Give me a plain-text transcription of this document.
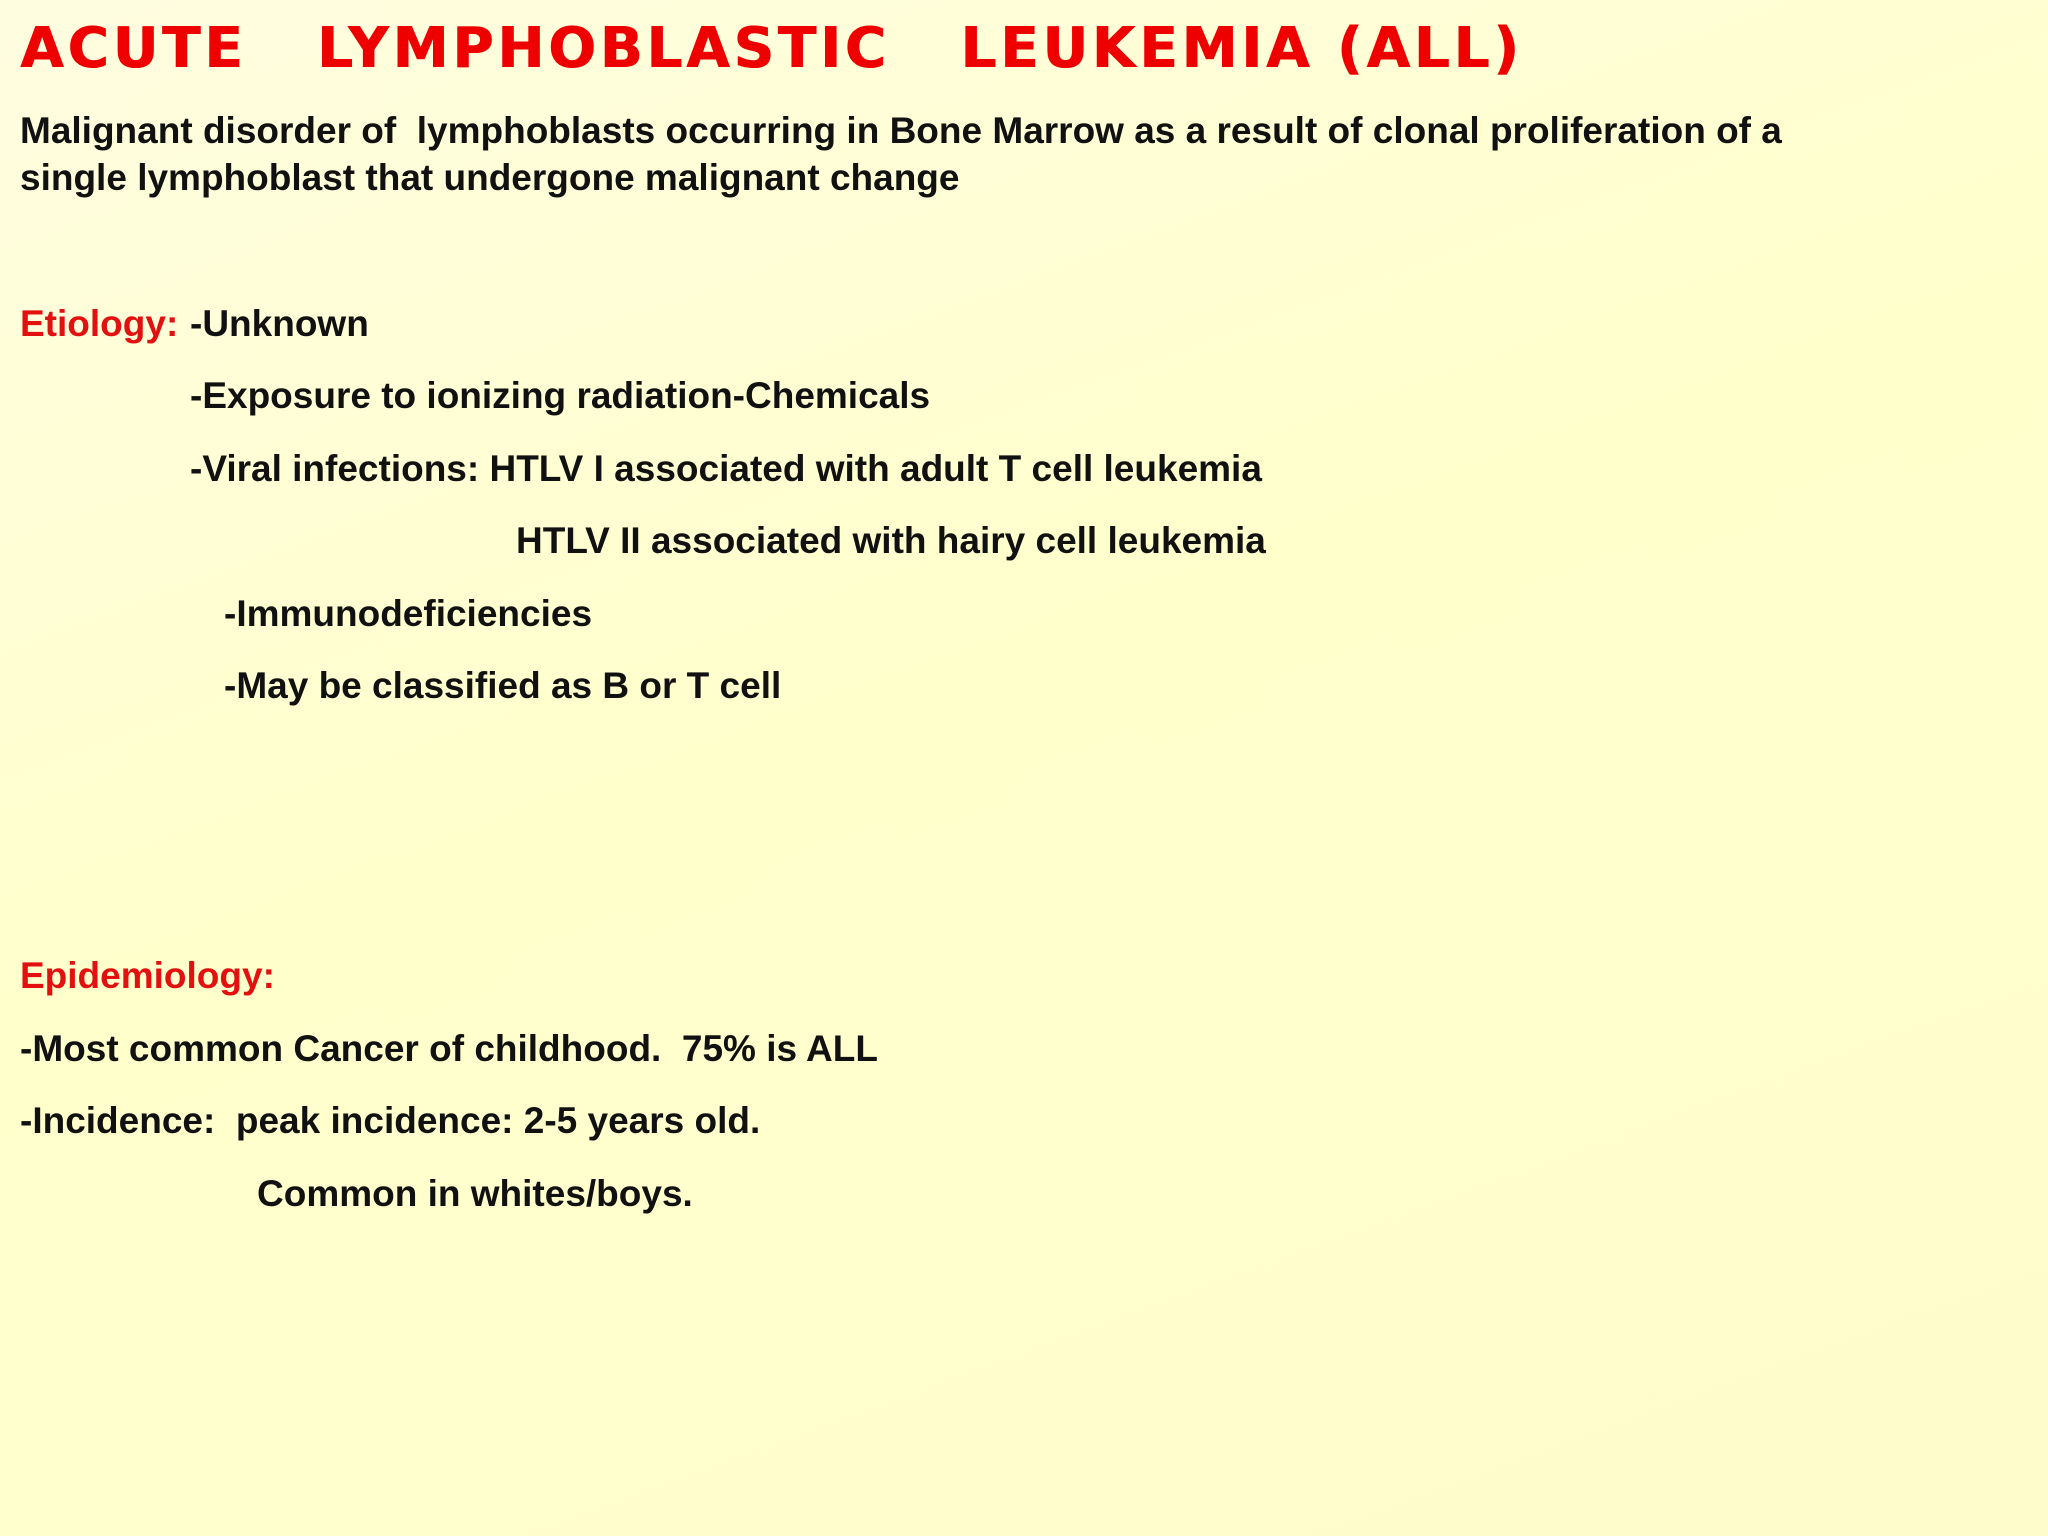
ACUTE   LYMPHOBLASTIC   LEUKEMIA (ALL)
Malignant disorder of  lymphoblasts occurring in Bone Marrow as a result of clonal proliferation of a
single lymphoblast that undergone malignant change
Etiology: -Unknown
-Exposure to ionizing radiation-Chemicals
-Viral infections: HTLV I associated with adult T cell leukemia
HTLV II associated with hairy cell leukemia
-Immunodeficiencies
-May be classified as B or T cell
Epidemiology:
-Most common Cancer of childhood.  75% is ALL
-Incidence:  peak incidence: 2-5 years old.
Common in whites/boys.
